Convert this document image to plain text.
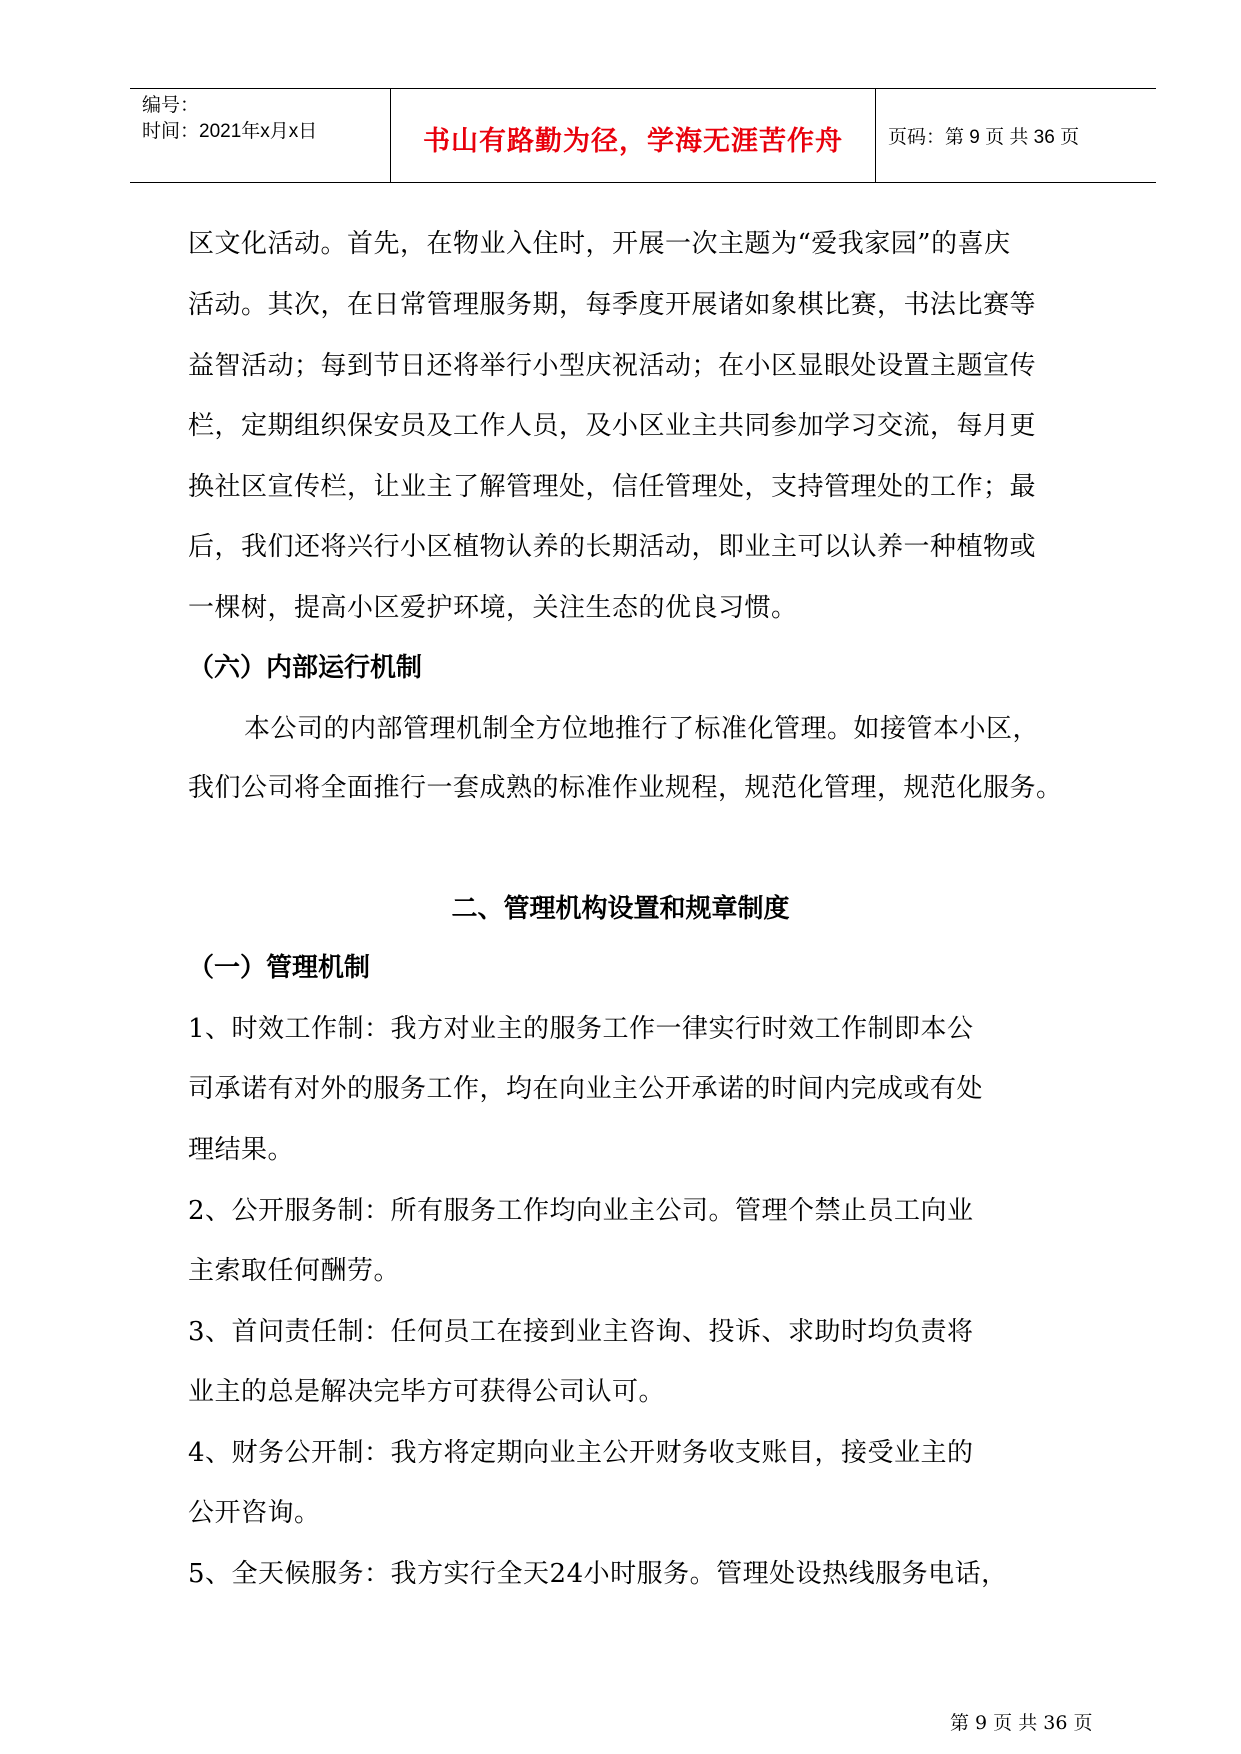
编号：
时间：2021年x月x日	书山有路勤为径，学海无涯苦作舟	页码：第 9 页 共 36 页
区文化活动。首先，在物业入住时，开展一次主题为“爱我家园”的喜庆
活动。其次，在日常管理服务期，每季度开展诸如象棋比赛，书法比赛等
益智活动；每到节日还将举行小型庆祝活动；在小区显眼处设置主题宣传
栏，定期组织保安员及工作人员，及小区业主共同参加学习交流，每月更
换社区宣传栏，让业主了解管理处，信任管理处，支持管理处的工作；最
后，我们还将兴行小区植物认养的长期活动，即业主可以认养一种植物或
一棵树，提高小区爱护环境，关注生态的优良习惯。
（六）内部运行机制
本公司的内部管理机制全方位地推行了标准化管理。如接管本小区，
我们公司将全面推行一套成熟的标准作业规程，规范化管理，规范化服务。
二、管理机构设置和规章制度
（一）管理机制
1、时效工作制：我方对业主的服务工作一律实行时效工作制即本公
司承诺有对外的服务工作，均在向业主公开承诺的时间内完成或有处
理结果。
2、公开服务制：所有服务工作均向业主公司。管理个禁止员工向业
主索取任何酬劳。
3、首问责任制：任何员工在接到业主咨询、投诉、求助时均负责将
业主的总是解决完毕方可获得公司认可。
4、财务公开制：我方将定期向业主公开财务收支账目，接受业主的
公开咨询。
5、全天候服务：我方实行全天24小时服务。管理处设热线服务电话，
第 9 页 共 36 页
